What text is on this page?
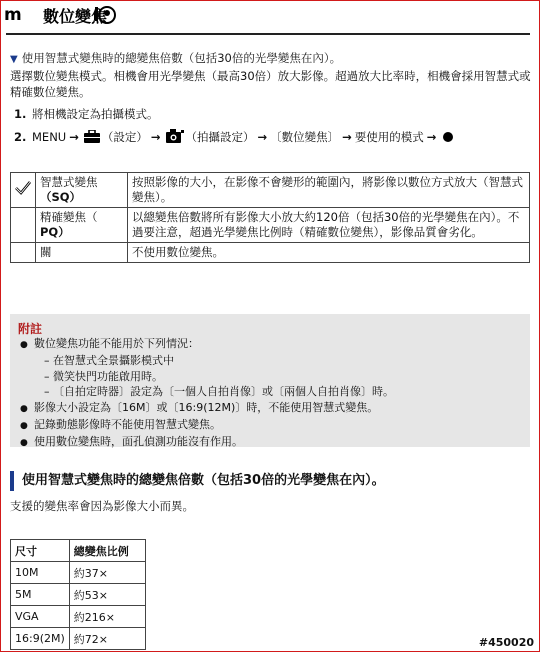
m 數位變焦
▼ 使用智慧式變焦時的總變焦倍數（包括30倍的光學變焦在內）。
選擇數位變焦模式。相機會用光學變焦（最高30倍）放大影像。超過放大比率時，相機會採用智慧式或精確數位變焦。
1. 將相機設定為拍攝模式。
2. MENU → （設定） → （拍攝設定） → 〔數位變焦〕 → 要使用的模式 →
	智慧式變焦
（SQ）	按照影像的大小，在影像不會變形的範圍內，將影像以數位方式放大（智慧式變焦）。
	精確變焦（
PQ）	以總變焦倍數將所有影像大小放大約120倍（包括30倍的光學變焦在內）。不過要注意，超過光學變焦比例時（精確數位變焦），影像品質會劣化。
	關	不使用數位變焦。
附註
● 數位變焦功能不能用於下列情況：
– 在智慧式全景攝影模式中
– 微笑快門功能啟用時。
– 〔自拍定時器〕設定為〔一個人自拍肖像〕或〔兩個人自拍肖像〕時。
● 影像大小設定為〔16M〕或〔16:9(12M)〕時，不能使用智慧式變焦。
● 記錄動態影像時不能使用智慧式變焦。
● 使用數位變焦時，面孔偵測功能沒有作用。
使用智慧式變焦時的總變焦倍數（包括30倍的光學變焦在內）。
支援的變焦率會因為影像大小而異。
尺寸	總變焦比例
10M	約37×
5M	約53×
VGA	約216×
16:9(2M)	約72×	#450020
